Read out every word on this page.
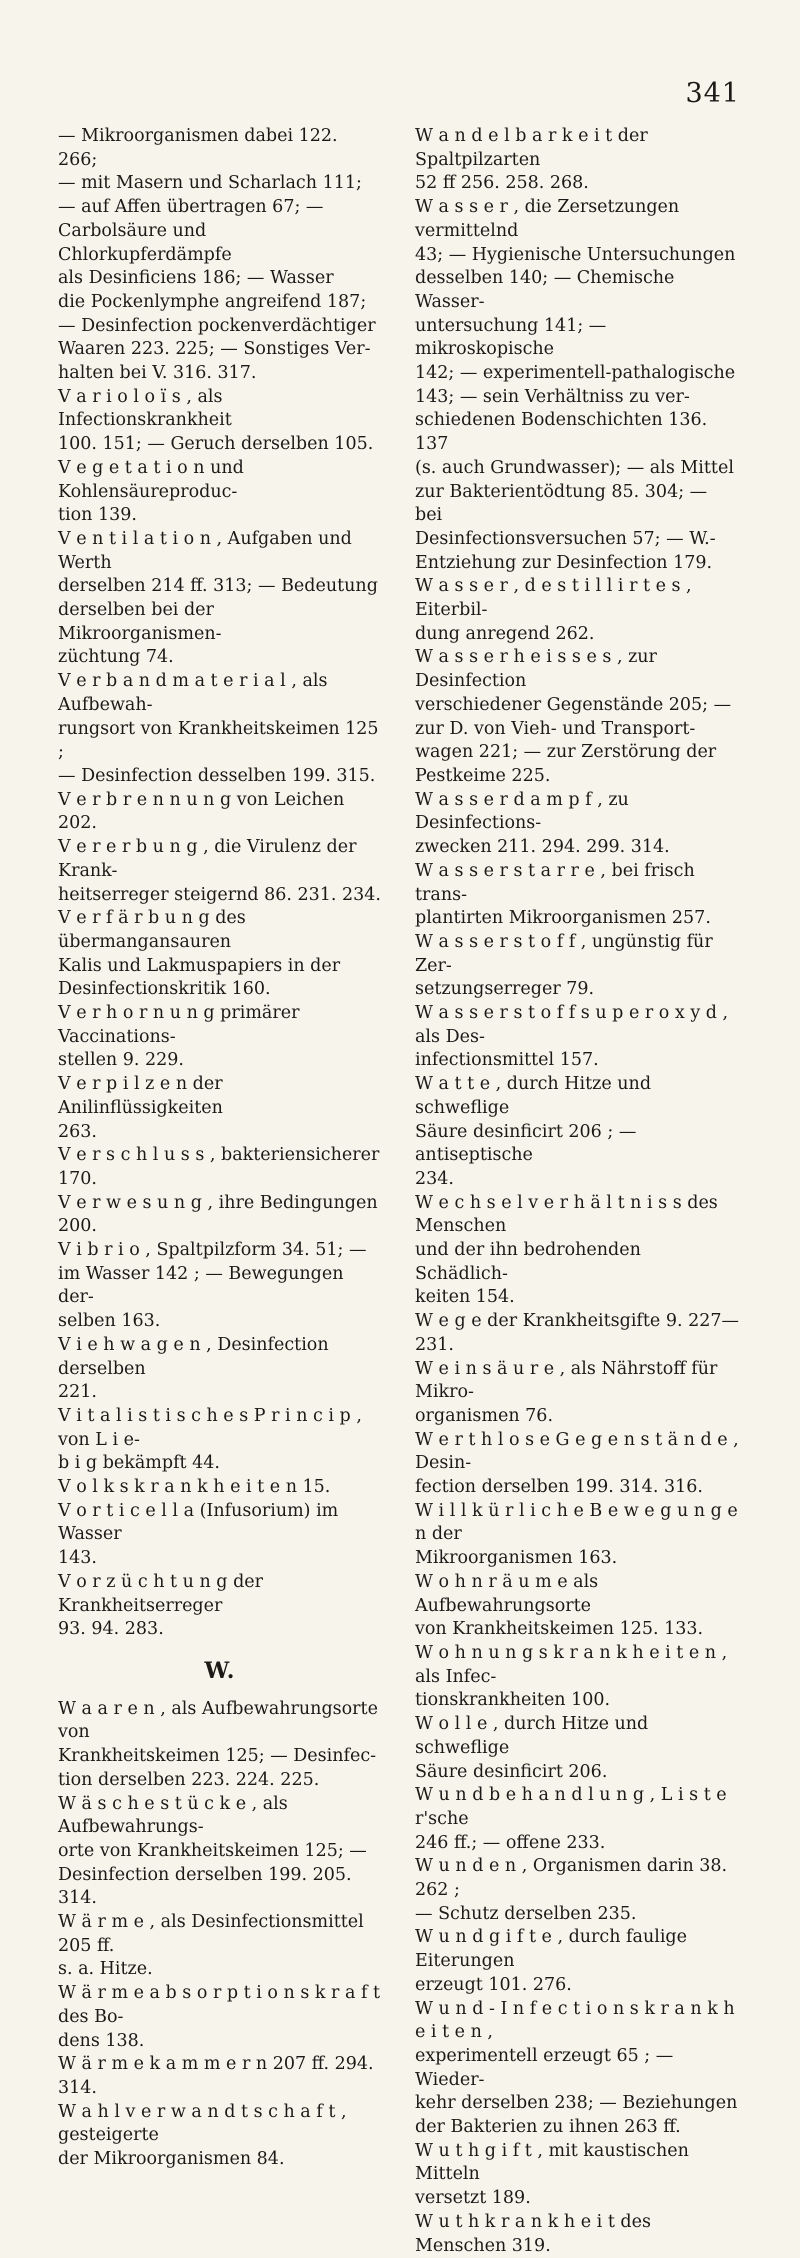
341
— Mikroorganismen dabei 122. 266;
— mit Masern und Scharlach 111;
— auf Affen übertragen 67; —
Carbolsäure und Chlorkupferdämpfe
als Desinficiens 186; — Wasser
die Pockenlymphe angreifend 187;
— Desinfection pockenverdächtiger
Waaren 223. 225; — Sonstiges Ver-
halten bei V. 316. 317.
V a r i o l o ï s , als Infectionskrankheit
100. 151; — Geruch derselben 105.
V e g e t a t i o n und Kohlensäureproduc-
tion 139.
V e n t i l a t i o n , Aufgaben und Werth
derselben 214 ff. 313; — Bedeutung
derselben bei der Mikroorganismen-
züchtung 74.
V e r b a n d m a t e r i a l , als Aufbewah-
rungsort von Krankheitskeimen 125 ;
— Desinfection desselben 199. 315.
V e r b r e n n u n g von Leichen 202.
V e r e r b u n g , die Virulenz der Krank-
heitserreger steigernd 86. 231. 234.
V e r f ä r b u n g des übermangansauren
Kalis und Lakmuspapiers in der
Desinfectionskritik 160.
V e r h o r n u n g primärer Vaccinations-
stellen 9. 229.
V e r p i l z e n der Anilinflüssigkeiten
263.
V e r s c h l u s s , bakteriensicherer 170.
V e r w e s u n g , ihre Bedingungen 200.
V i b r i o , Spaltpilzform 34. 51; —
im Wasser 142 ; — Bewegungen der-
selben 163.
V i e h w a g e n , Desinfection derselben
221.
V i t a l i s t i s c h e s P r i n c i p , von L i e-
b i g bekämpft 44.
V o l k s k r a n k h e i t e n 15.
V o r t i c e l l a (Infusorium) im Wasser
143.
V o r z ü c h t u n g der Krankheitserreger
93. 94. 283.
W.
W a a r e n , als Aufbewahrungsorte von
Krankheitskeimen 125; — Desinfec-
tion derselben 223. 224. 225.
W ä s c h e s t ü c k e , als Aufbewahrungs-
orte von Krankheitskeimen 125; —
Desinfection derselben 199. 205. 314.
W ä r m e , als Desinfectionsmittel 205 ff.
s. a. Hitze.
W ä r m e a b s o r p t i o n s k r a f t des Bo-
dens 138.
W ä r m e k a m m e r n 207 ff. 294. 314.
W a h l v e r w a n d t s c h a f t , gesteigerte
der Mikroorganismen 84.
W a n d e l b a r k e i t der Spaltpilzarten
52 ff 256. 258. 268.
W a s s e r , die Zersetzungen vermittelnd
43; — Hygienische Untersuchungen
desselben 140; — Chemische Wasser-
untersuchung 141; — mikroskopische
142; — experimentell-pathalogische
143; — sein Verhältniss zu ver-
schiedenen Bodenschichten 136. 137
(s. auch Grundwasser); — als Mittel
zur Bakterientödtung 85. 304; — bei
Desinfectionsversuchen 57; — W.-
Entziehung zur Desinfection 179.
W a s s e r , d e s t i l l i r t e s , Eiterbil-
dung anregend 262.
W a s s e r h e i s s e s , zur Desinfection
verschiedener Gegenstände 205; —
zur D. von Vieh- und Transport-
wagen 221; — zur Zerstörung der
Pestkeime 225.
W a s s e r d a m p f , zu Desinfections-
zwecken 211. 294. 299. 314.
W a s s e r s t a r r e , bei frisch trans-
plantirten Mikroorganismen 257.
W a s s e r s t o f f , ungünstig für Zer-
setzungserreger 79.
W a s s e r s t o f f s u p e r o x y d , als Des-
infectionsmittel 157.
W a t t e , durch Hitze und schweflige
Säure desinficirt 206 ; — antiseptische
234.
W e c h s e l v e r h ä l t n i s s des Menschen
und der ihn bedrohenden Schädlich-
keiten 154.
W e g e der Krankheitsgifte 9. 227—231.
W e i n s ä u r e , als Nährstoff für Mikro-
organismen 76.
W e r t h l o s e G e g e n s t ä n d e , Desin-
fection derselben 199. 314. 316.
W i l l k ü r l i c h e B e w e g u n g e n der
Mikroorganismen 163.
W o h n r ä u m e als Aufbewahrungsorte
von Krankheitskeimen 125. 133.
W o h n u n g s k r a n k h e i t e n , als Infec-
tionskrankheiten 100.
W o l l e , durch Hitze und schweflige
Säure desinficirt 206.
W u n d b e h a n d l u n g , L i s t e r'sche
246 ff.; — offene 233.
W u n d e n , Organismen darin 38. 262 ;
— Schutz derselben 235.
W u n d g i f t e , durch faulige Eiterungen
erzeugt 101. 276.
W u n d - I n f e c t i o n s k r a n k h e i t e n ,
experimentell erzeugt 65 ; — Wieder-
kehr derselben 238; — Beziehungen
der Bakterien zu ihnen 263 ff.
W u t h g i f t , mit kaustischen Mitteln
versetzt 189.
W u t h k r a n k h e i t des Menschen 319.
